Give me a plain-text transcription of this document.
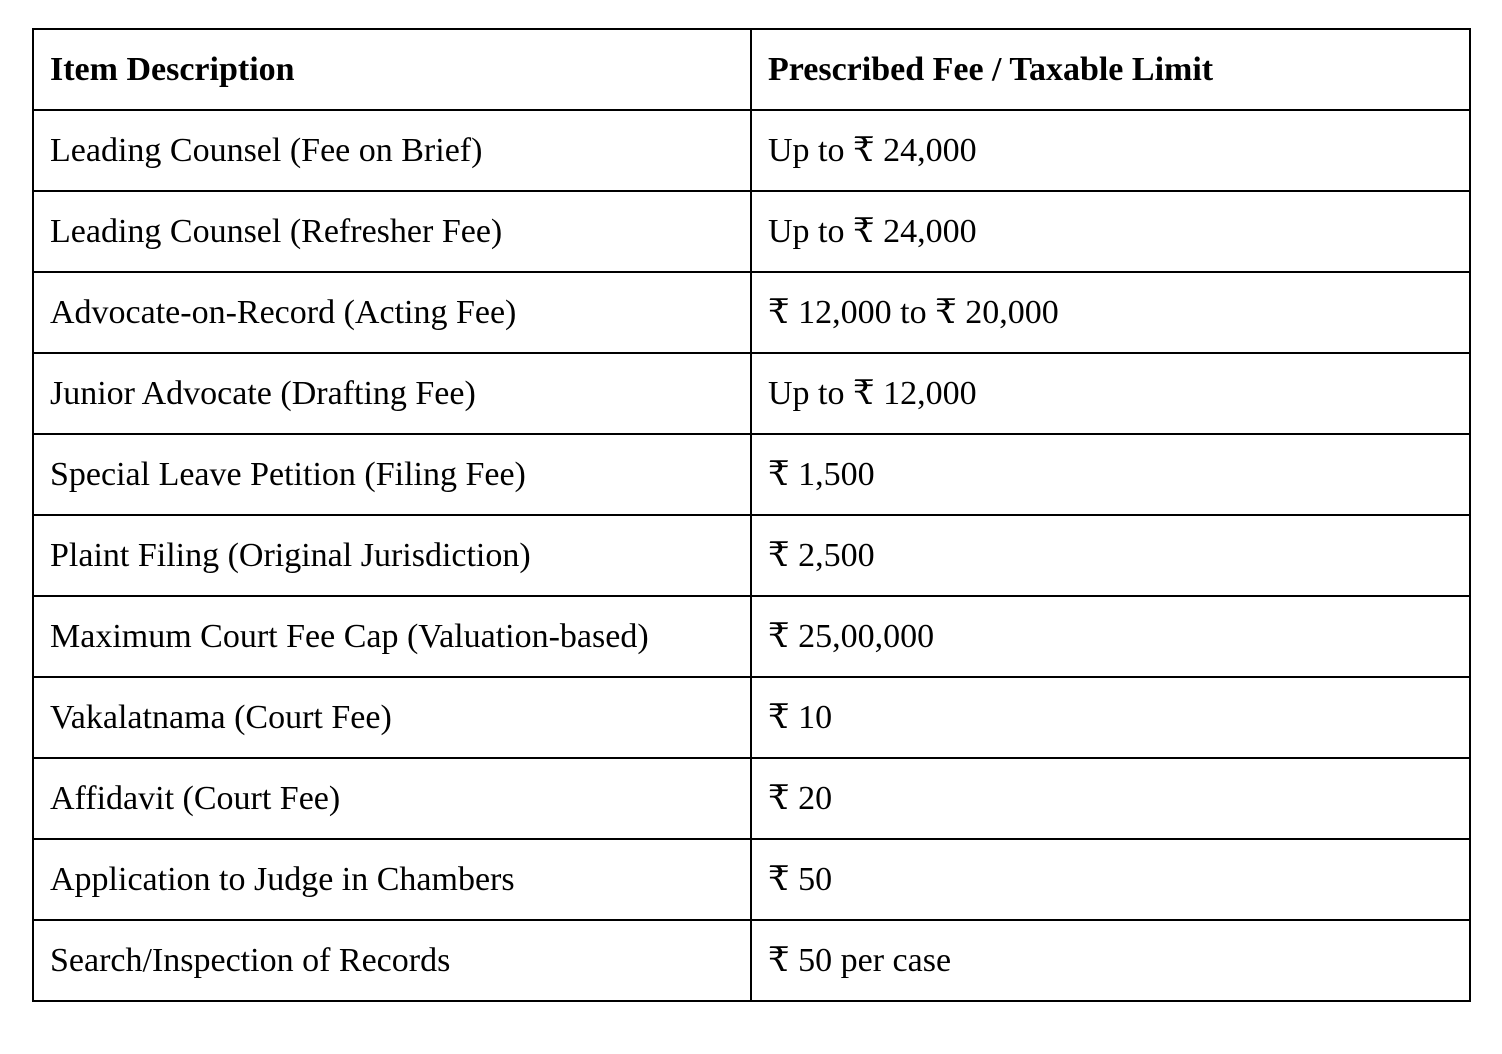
Item Description	Prescribed Fee / Taxable Limit
Leading Counsel (Fee on Brief)	Up to ₹ 24,000
Leading Counsel (Refresher Fee)	Up to ₹ 24,000
Advocate-on-Record (Acting Fee)	₹ 12,000 to ₹ 20,000
Junior Advocate (Drafting Fee)	Up to ₹ 12,000
Special Leave Petition (Filing Fee)	₹ 1,500
Plaint Filing (Original Jurisdiction)	₹ 2,500
Maximum Court Fee Cap (Valuation-based)	₹ 25,00,000
Vakalatnama (Court Fee)	₹ 10
Affidavit (Court Fee)	₹ 20
Application to Judge in Chambers	₹ 50
Search/Inspection of Records	₹ 50 per case
